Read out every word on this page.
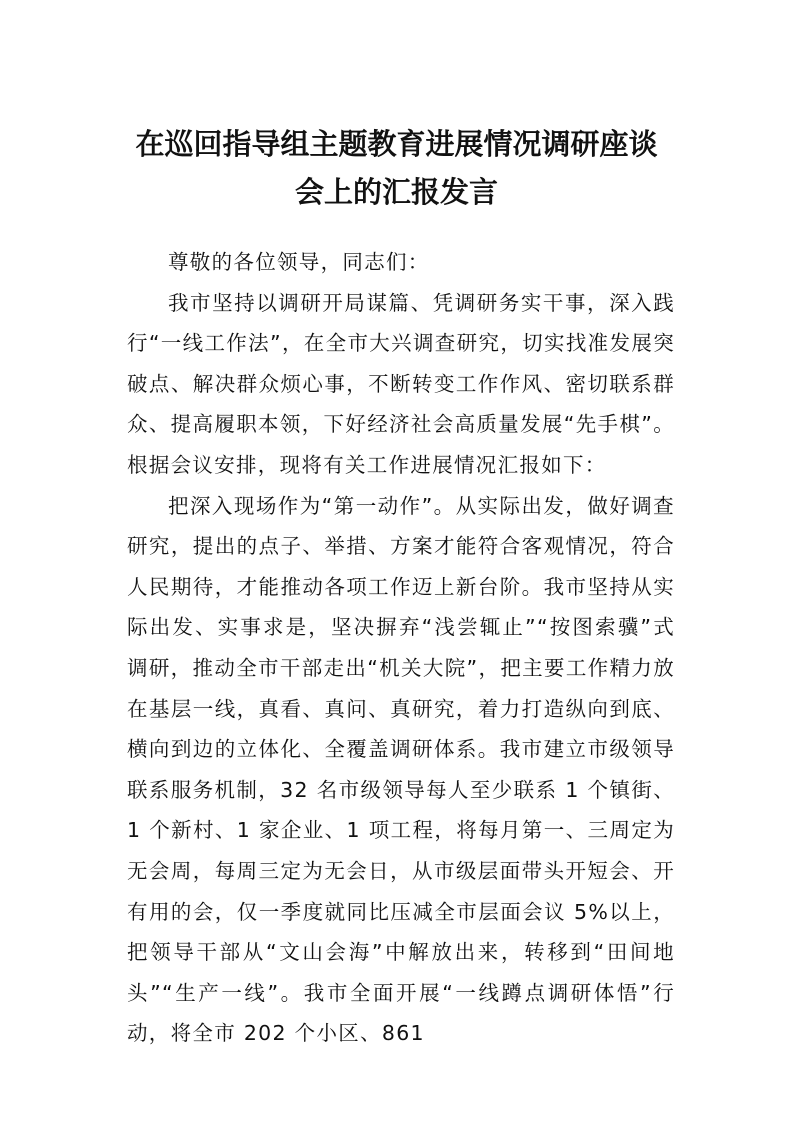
在巡回指导组主题教育进展情况调研座谈
会上的汇报发言

尊敬的各位领导，同志们：

我市坚持以调研开局谋篇、凭调研务实干事，深入践行“一线工作法”，在全市大兴调查研究，切实找准发展突破点、解决群众烦心事，不断转变工作作风、密切联系群众、提高履职本领，下好经济社会高质量发展“先手棋”。根据会议安排，现将有关工作进展情况汇报如下：

把深入现场作为“第一动作”。从实际出发，做好调查研究，提出的点子、举措、方案才能符合客观情况，符合人民期待，才能推动各项工作迈上新台阶。我市坚持从实际出发、实事求是，坚决摒弃“浅尝辄止”“按图索骥”式调研，推动全市干部走出“机关大院”，把主要工作精力放在基层一线，真看、真问、真研究，着力打造纵向到底、横向到边的立体化、全覆盖调研体系。我市建立市级领导联系服务机制，32 名市级领导每人至少联系 1 个镇街、1 个新村、1 家企业、1 项工程，将每月第一、三周定为无会周，每周三定为无会日，从市级层面带头开短会、开有用的会，仅一季度就同比压减全市层面会议 5%以上，把领导干部从“文山会海”中解放出来，转移到“田间地头”“生产一线”。我市全面开展“一线蹲点调研体悟”行动，将全市 202 个小区、861
